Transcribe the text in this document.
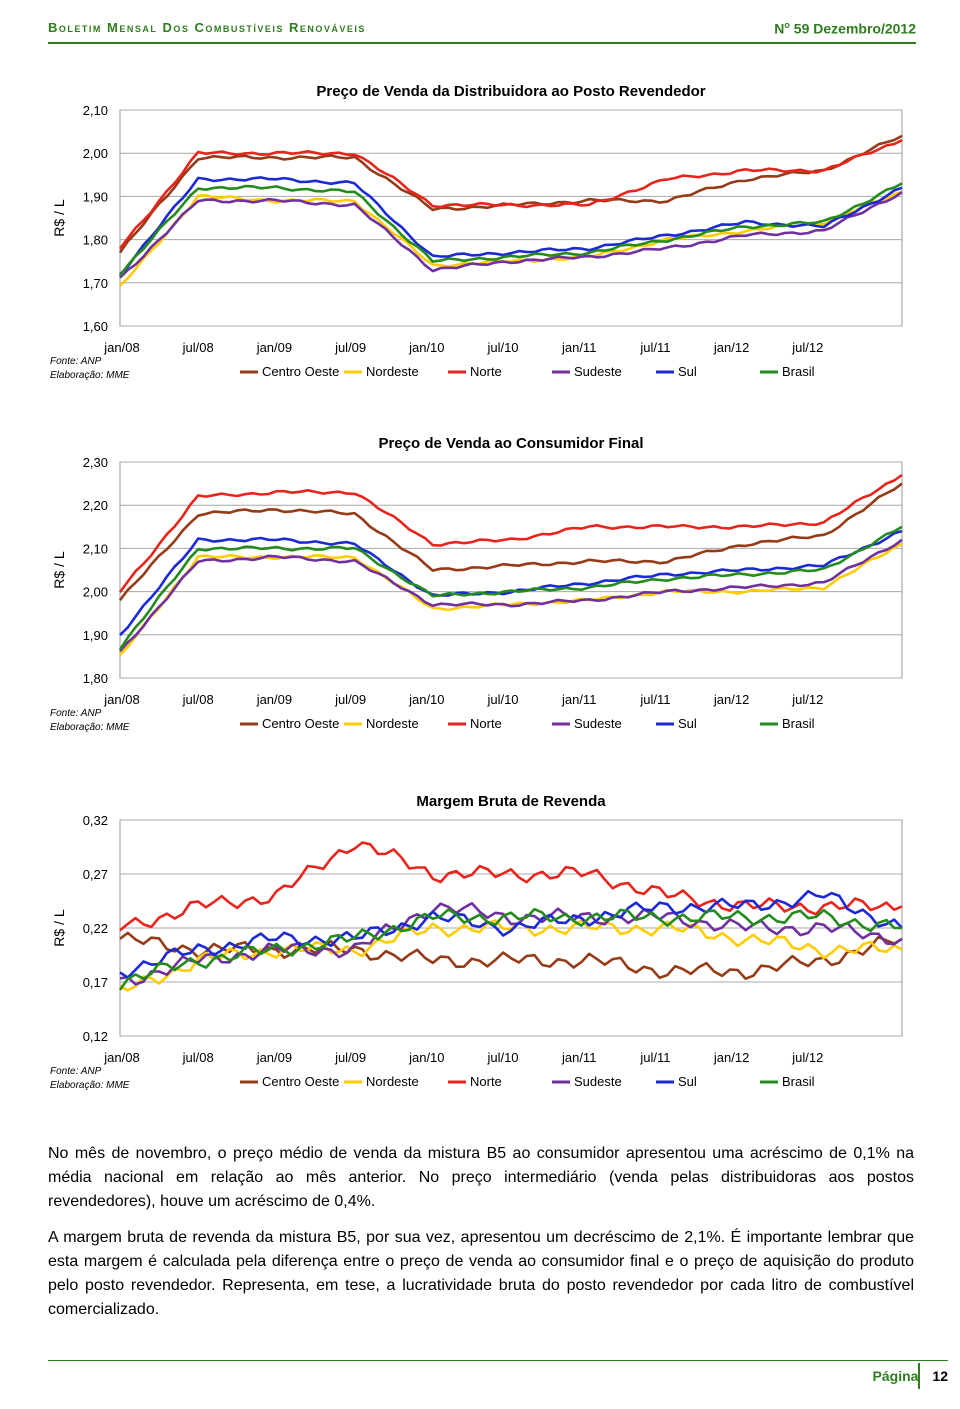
Boletim Mensal Dos Combustíveis Renováveis	$N^o$ 59 Dezembro/2012
Preço de Venda da Distribuidora ao Posto Revendedor
1,60
1,70
1,80
1,90
2,00
2,10
R$ / L
jan/08	jul/08	jan/09	jul/09	jan/10	jul/10	jan/11	jul/11	jan/12	jul/12
Fonte: ANP
Elaboração: MME	Centro Oeste Nordeste	Norte	Sudeste	Sul	Brasil
Preço de Venda ao Consumidor Final
1,80
1,90
2,00
2,10
2,20
2,30
R$ / L
jan/08	jul/08	jan/09	jul/09	jan/10	jul/10	jan/11	jul/11	jan/12	jul/12
Fonte: ANP
Elaboração: MME	Centro Oeste Nordeste	Norte	Sudeste	Sul	Brasil
Margem Bruta de Revenda
0,12
0,17
0,22
0,27
0,32
R$ / L
jan/08	jul/08	jan/09	jul/09	jan/10	jul/10	jan/11	jul/11	jan/12	jul/12
Fonte: ANP
Elaboração: MME	Centro Oeste Nordeste	Norte	Sudeste	Sul	Brasil
No mês de novembro, o preço médio de venda da mistura B5 ao consumidor apresentou uma acréscimo de 0,1% na média nacional em relação ao mês anterior. No preço intermediário (venda pelas distribuidoras aos postos revendedores), houve um acréscimo de 0,4%.
A margem bruta de revenda da mistura B5, por sua vez, apresentou um decréscimo de 2,1%. É importante lembrar que esta margem é calculada pela diferença entre o preço de venda ao consumidor final e o preço de aquisição do produto pelo posto revendedor. Representa, em tese, a lucratividade bruta do posto revendedor por cada litro de combustível comercializado.
Página 12
